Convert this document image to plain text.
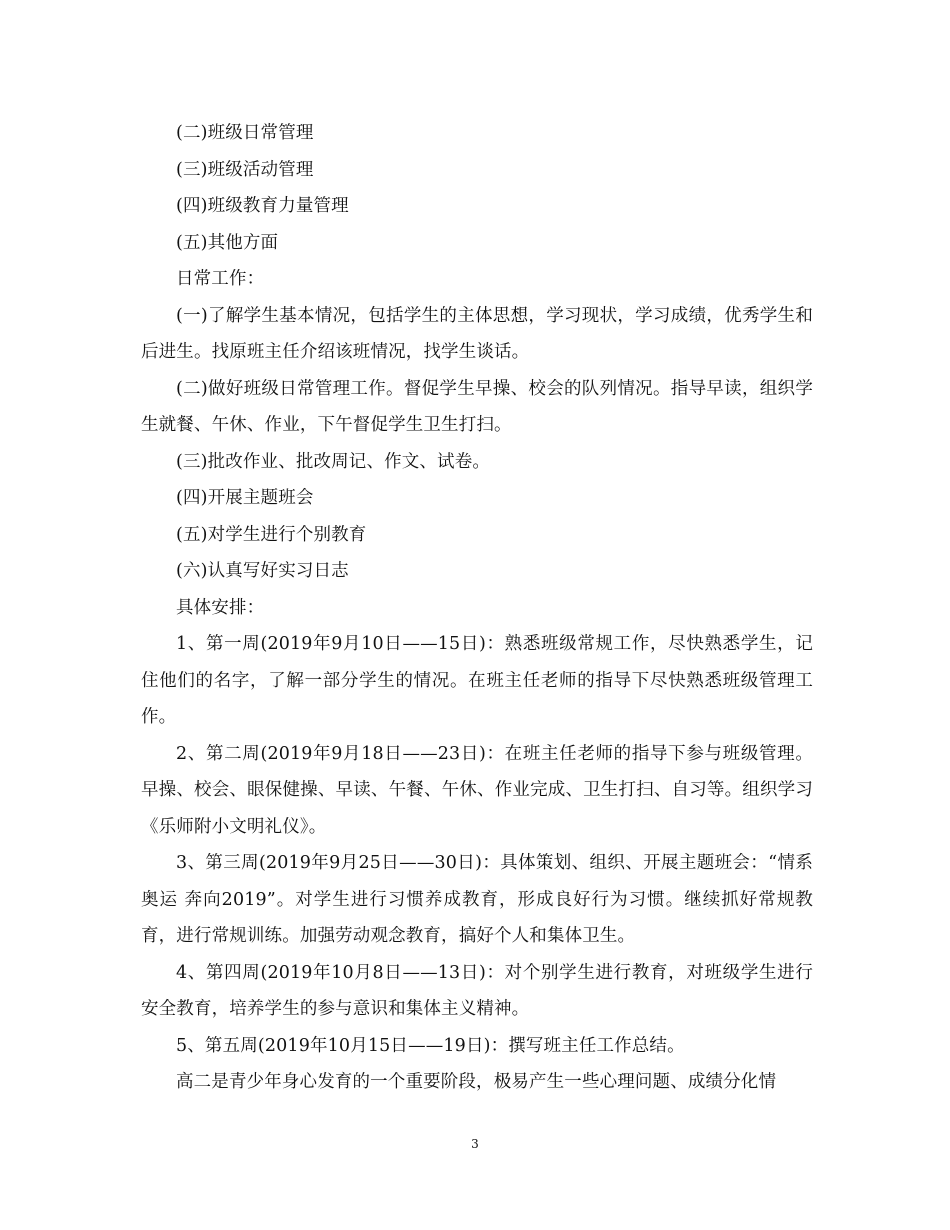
(二)班级日常管理

(三)班级活动管理

(四)班级教育力量管理

(五)其他方面

日常工作：

(一)了解学生基本情况，包括学生的主体思想，学习现状，学习成绩，优秀学生和后进生。找原班主任介绍该班情况，找学生谈话。

(二)做好班级日常管理工作。督促学生早操、校会的队列情况。指导早读，组织学生就餐、午休、作业，下午督促学生卫生打扫。

(三)批改作业、批改周记、作文、试卷。

(四)开展主题班会

(五)对学生进行个别教育

(六)认真写好实习日志

具体安排：

1、第一周(2019年9月10日——15日)：熟悉班级常规工作，尽快熟悉学生，记住他们的名字，了解一部分学生的情况。在班主任老师的指导下尽快熟悉班级管理工作。

2、第二周(2019年9月18日——23日)：在班主任老师的指导下参与班级管理。早操、校会、眼保健操、早读、午餐、午休、作业完成、卫生打扫、自习等。组织学习《乐师附小文明礼仪》。

3、第三周(2019年9月25日——30日)：具体策划、组织、开展主题班会：“情系奥运 奔向2019”。对学生进行习惯养成教育，形成良好行为习惯。继续抓好常规教育，进行常规训练。加强劳动观念教育，搞好个人和集体卫生。

4、第四周(2019年10月8日——13日)：对个别学生进行教育，对班级学生进行安全教育，培养学生的参与意识和集体主义精神。

5、第五周(2019年10月15日——19日)：撰写班主任工作总结。

高二是青少年身心发育的一个重要阶段，极易产生一些心理问题、成绩分化情

3
